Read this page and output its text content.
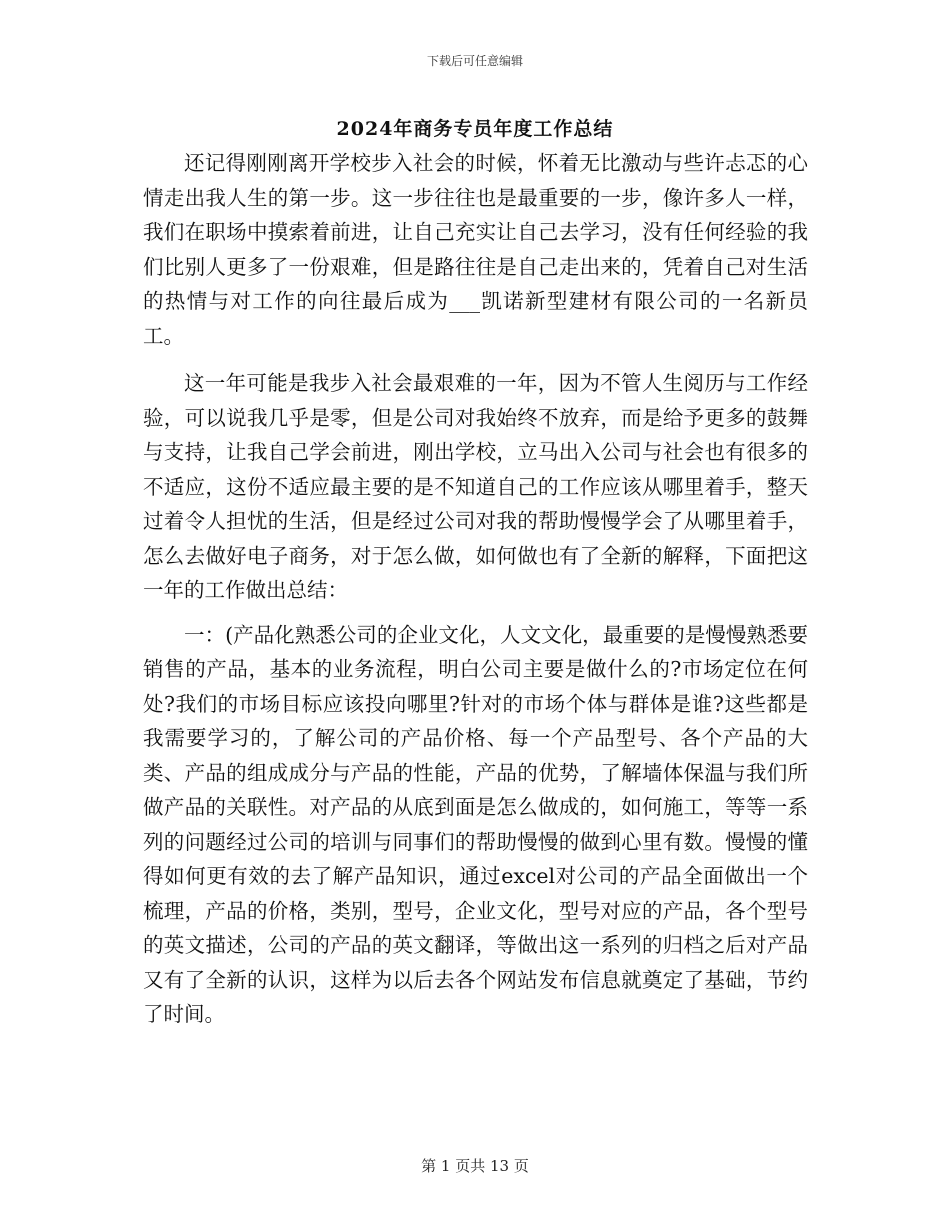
下载后可任意编辑
2024年商务专员年度工作总结

还记得刚刚离开学校步入社会的时候，怀着无比激动与些许忐忑的心情走出我人生的第一步。这一步往往也是最重要的一步，像许多人一样，我们在职场中摸索着前进，让自己充实让自己去学习，没有任何经验的我们比别人更多了一份艰难，但是路往往是自己走出来的，凭着自己对生活的热情与对工作的向往最后成为___凯诺新型建材有限公司的一名新员工。

这一年可能是我步入社会最艰难的一年，因为不管人生阅历与工作经验，可以说我几乎是零，但是公司对我始终不放弃，而是给予更多的鼓舞与支持，让我自己学会前进，刚出学校，立马出入公司与社会也有很多的不适应，这份不适应最主要的是不知道自己的工作应该从哪里着手，整天过着令人担忧的生活，但是经过公司对我的帮助慢慢学会了从哪里着手，怎么去做好电子商务，对于怎么做，如何做也有了全新的解释，下面把这一年的工作做出总结：

一：(产品化熟悉公司的企业文化，人文文化，最重要的是慢慢熟悉要销售的产品，基本的业务流程，明白公司主要是做什么的?市场定位在何处?我们的市场目标应该投向哪里?针对的市场个体与群体是谁?这些都是我需要学习的，了解公司的产品价格、每一个产品型号、各个产品的大类、产品的组成成分与产品的性能，产品的优势，了解墙体保温与我们所做产品的关联性。对产品的从底到面是怎么做成的，如何施工，等等一系列的问题经过公司的培训与同事们的帮助慢慢的做到心里有数。慢慢的懂得如何更有效的去了解产品知识，通过excel对公司的产品全面做出一个梳理，产品的价格，类别，型号，企业文化，型号对应的产品，各个型号的英文描述，公司的产品的英文翻译，等做出这一系列的归档之后对产品又有了全新的认识，这样为以后去各个网站发布信息就奠定了基础，节约了时间。

第 1 页共 13 页
